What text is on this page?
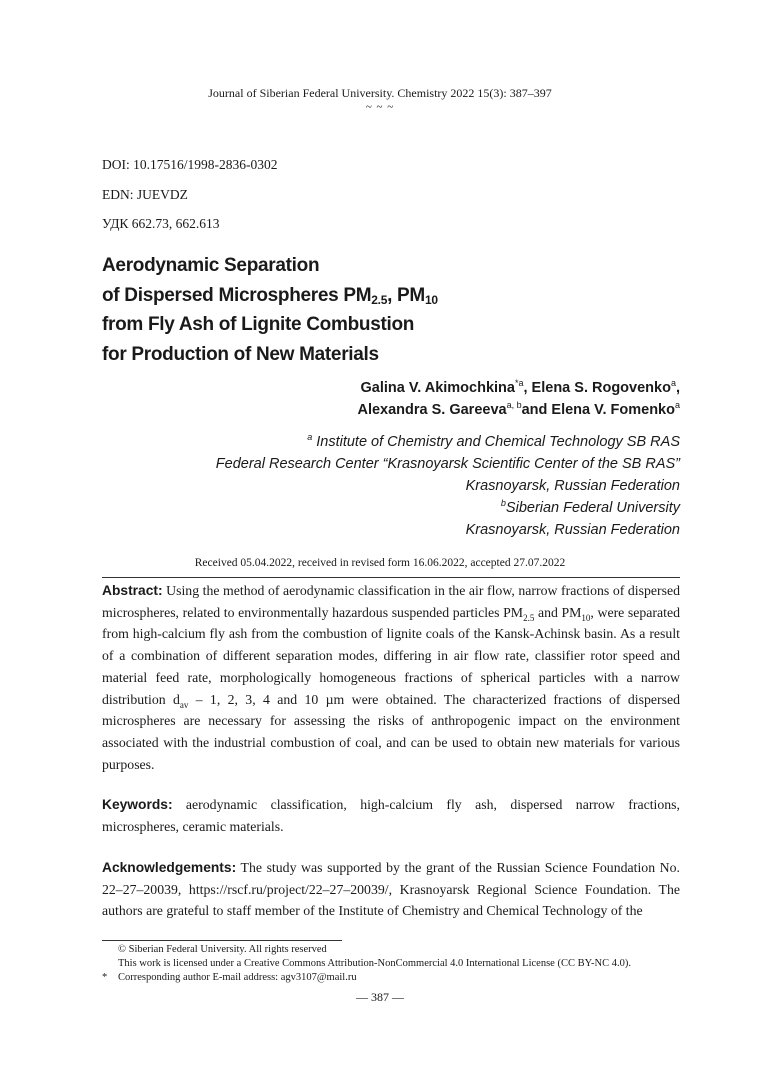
Journal of Siberian Federal University. Chemistry 2022 15(3): 387–397
~ ~ ~
DOI: 10.17516/1998-2836-0302
EDN: JUEVDZ
УДК 662.73, 662.613
Aerodynamic Separation
of Dispersed Microspheres $PM_{2.5}$, $PM_{10}$
from Fly Ash of Lignite Combustion
for Production of New Materials
Galina V. Akimochkina$^{*a}$, Elena S. Rogovenko$^a$,
Alexandra S. Gareeva$^{a, b}$and Elena V. Fomenko$^a$
$^a$ Institute of Chemistry and Chemical Technology SB RAS
Federal Research Center “Krasnoyarsk Scientific Center of the SB RAS”
Krasnoyarsk, Russian Federation
$^b$Siberian Federal University
Krasnoyarsk, Russian Federation
Received 05.04.2022, received in revised form 16.06.2022, accepted 27.07.2022
Abstract: Using the method of aerodynamic classification in the air flow, narrow fractions of dispersed microspheres, related to environmentally hazardous suspended particles $PM_{2.5}$ and $PM_{10}$, were separated from high-calcium fly ash from the combustion of lignite coals of the Kansk-Achinsk basin. As a result of a combination of different separation modes, differing in air flow rate, classifier rotor speed and material feed rate, morphologically homogeneous fractions of spherical particles with a narrow distribution $d_{av} - 1$, 2, 3, 4 and 10 µm were obtained. The characterized fractions of dispersed microspheres are necessary for assessing the risks of anthropogenic impact on the environment associated with the industrial combustion of coal, and can be used to obtain new materials for various purposes.
Keywords: aerodynamic classification, high-calcium fly ash, dispersed narrow fractions, microspheres, ceramic materials.
Acknowledgements: The study was supported by the grant of the Russian Science Foundation No. 22–27–20039, https://rscf.ru/project/22–27–20039/, Krasnoyarsk Regional Science Foundation. The authors are grateful to staff member of the Institute of Chemistry and Chemical Technology of the
© Siberian Federal University. All rights reserved
This work is licensed under a Creative Commons Attribution-NonCommercial 4.0 International License (CC BY-NC 4.0).
* Corresponding author E-mail address: agv3107@mail.ru
— 387 —
